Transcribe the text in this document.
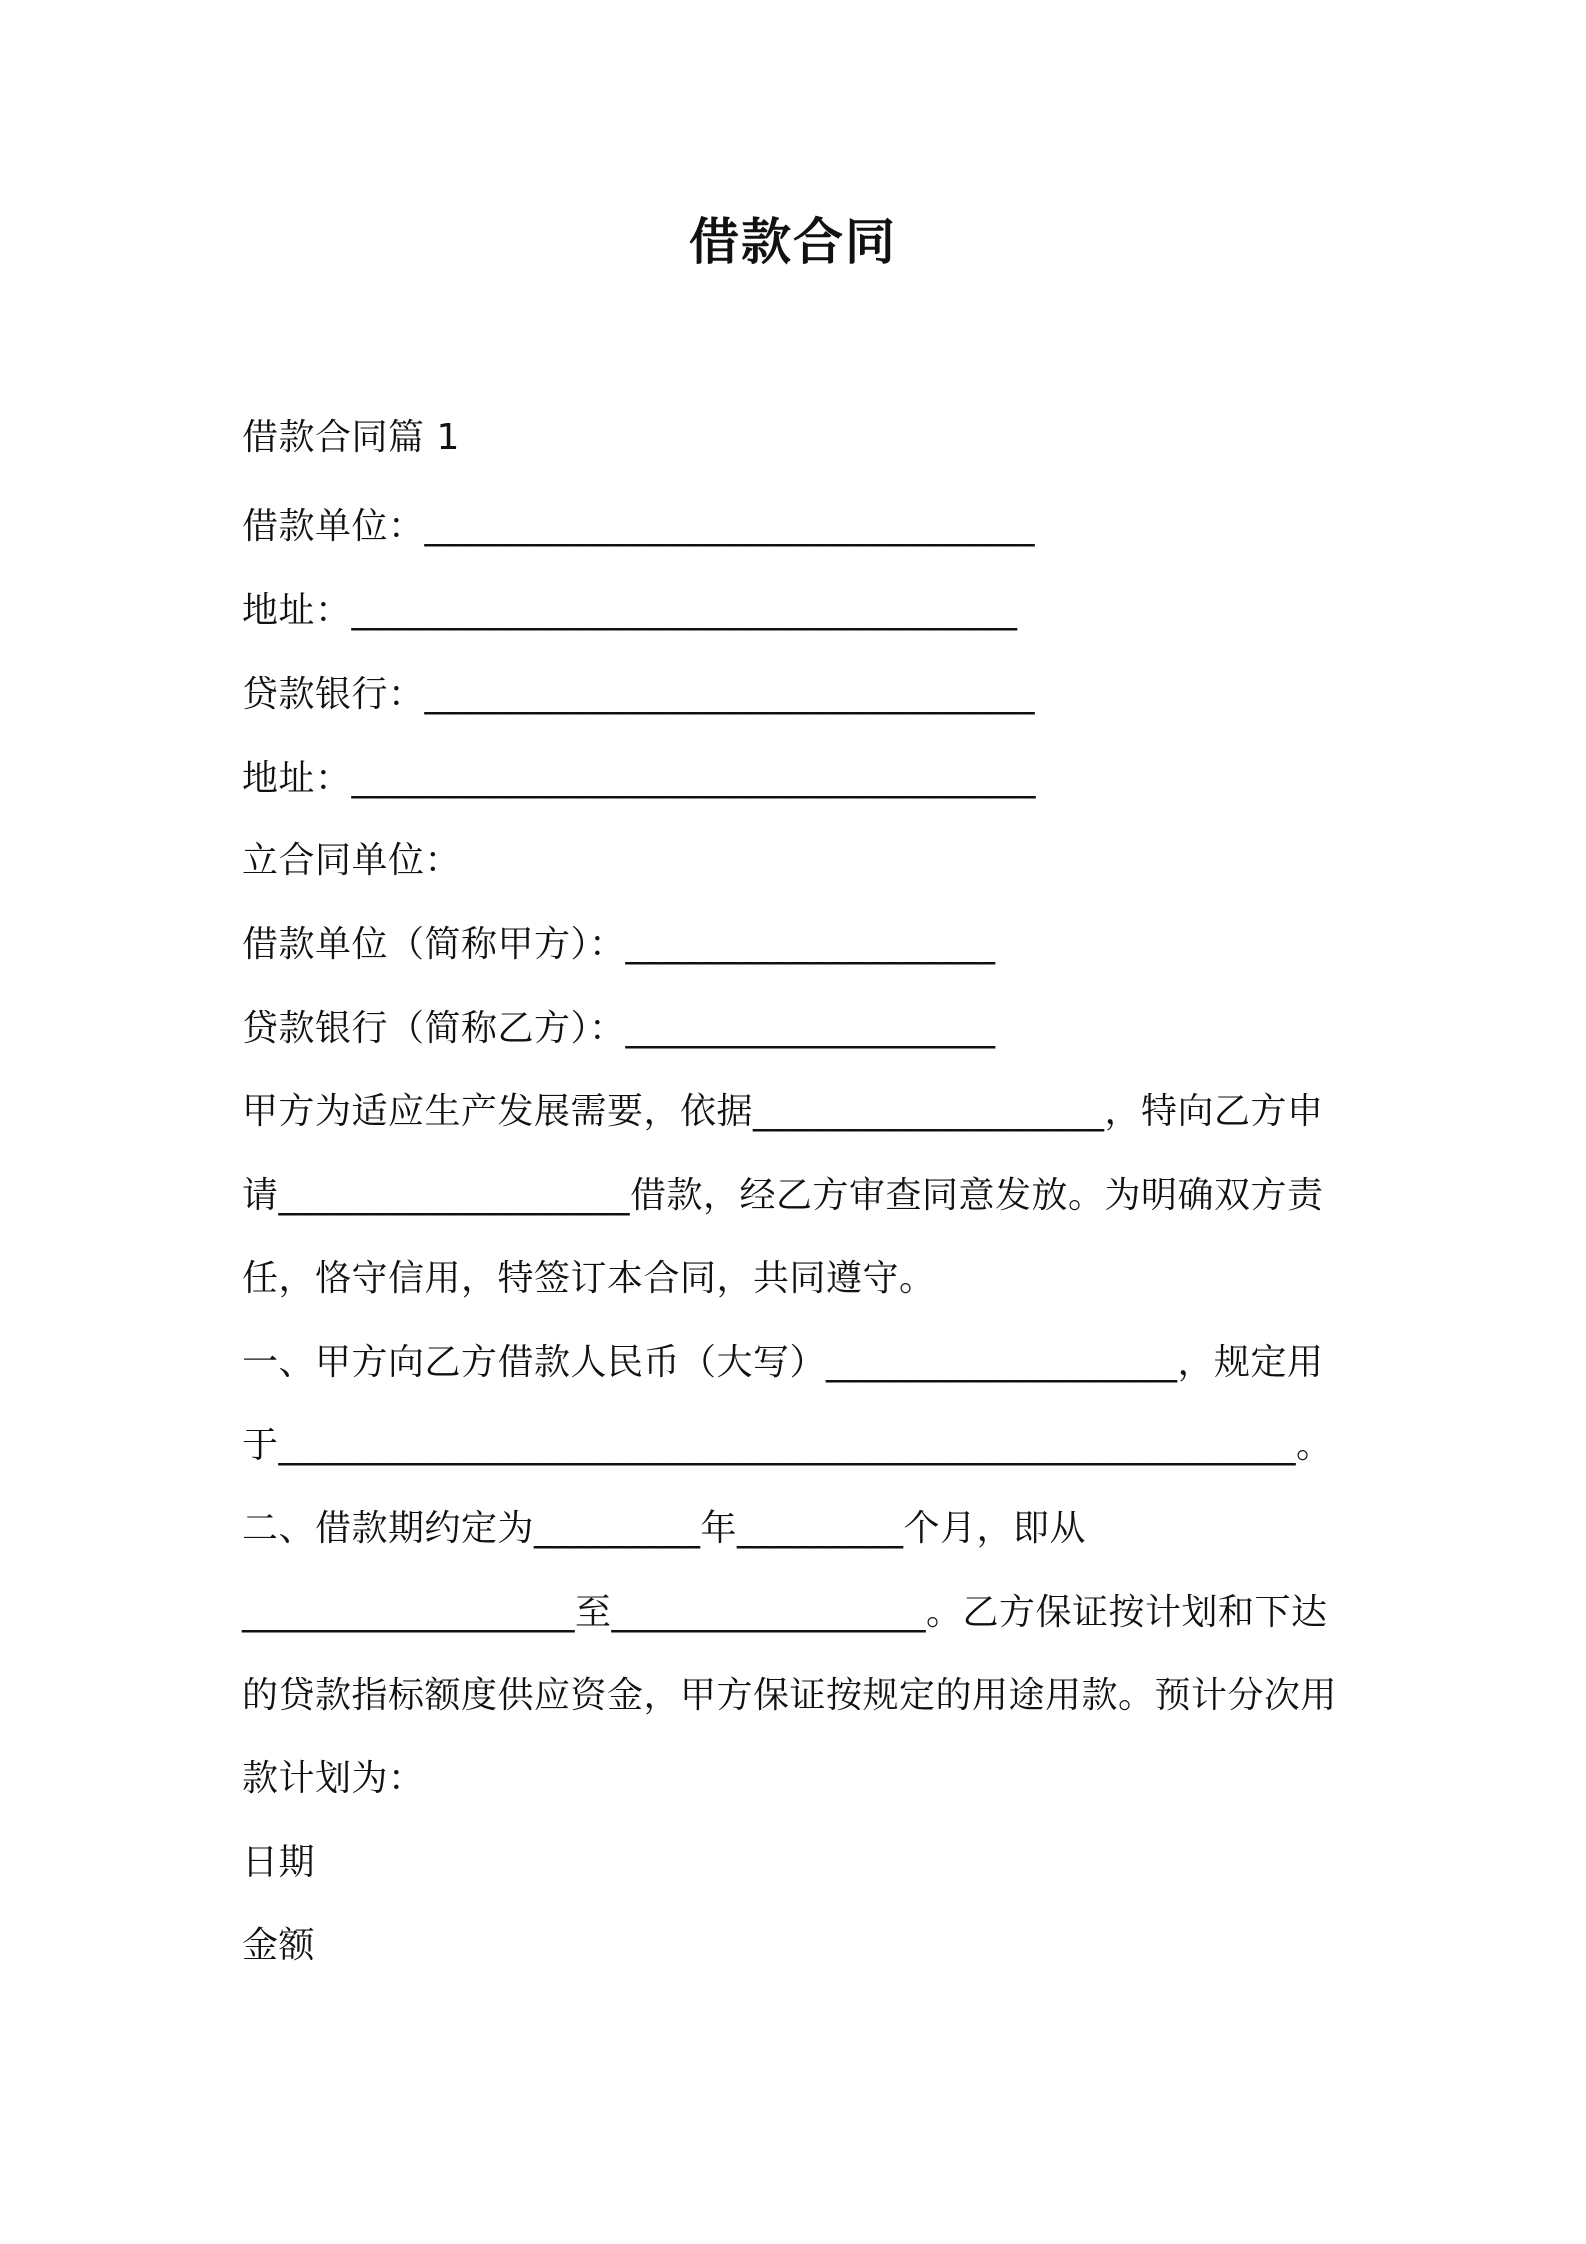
借款合同
借款合同篇 1
借款单位：_________________________________
地址：____________________________________
贷款银行：_________________________________
地址：_____________________________________
立合同单位：
借款单位（简称甲方）：____________________
贷款银行（简称乙方）：____________________
甲方为适应生产发展需要，依据___________________，特向乙方申
请___________________借款，经乙方审查同意发放。为明确双方责
任，恪守信用，特签订本合同，共同遵守。
一、甲方向乙方借款人民币（大写）___________________，规定用
于_______________________________________________________。
二、借款期约定为_________年_________个月，即从
__________________至_________________。乙方保证按计划和下达
的贷款指标额度供应资金，甲方保证按规定的用途用款。预计分次用
款计划为：
日期
金额
